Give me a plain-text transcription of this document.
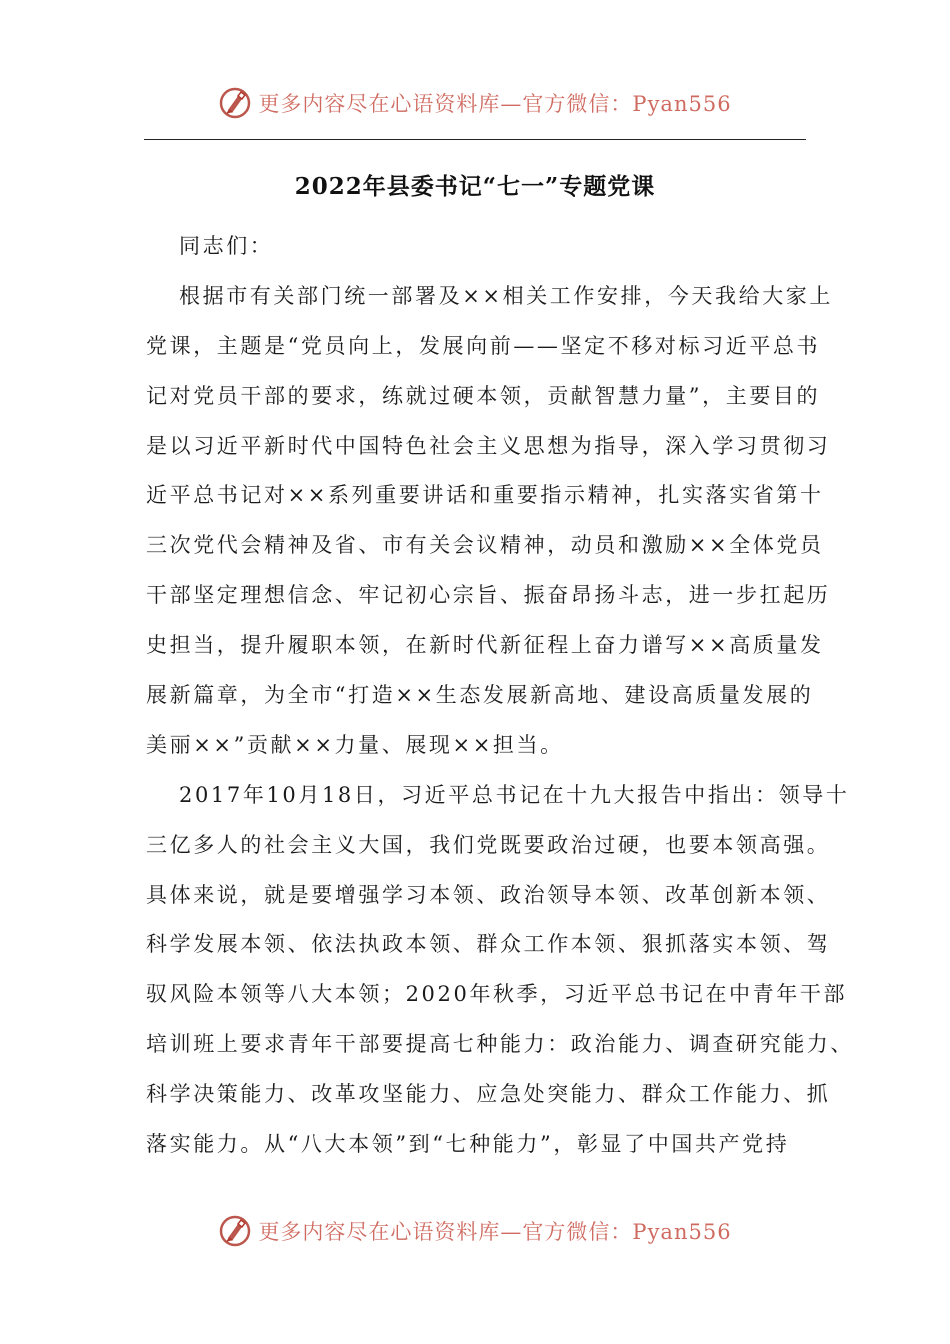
更多内容尽在心语资料库—官方微信：Pyan556
2022年县委书记“七一”专题党课
同志们：
根据市有关部门统一部署及××相关工作安排，今天我给大家上
党课，主题是“党员向上，发展向前——坚定不移对标习近平总书
记对党员干部的要求，练就过硬本领，贡献智慧力量”，主要目的
是以习近平新时代中国特色社会主义思想为指导，深入学习贯彻习
近平总书记对××系列重要讲话和重要指示精神，扎实落实省第十
三次党代会精神及省、市有关会议精神，动员和激励××全体党员
干部坚定理想信念、牢记初心宗旨、振奋昂扬斗志，进一步扛起历
史担当，提升履职本领，在新时代新征程上奋力谱写××高质量发
展新篇章，为全市“打造××生态发展新高地、建设高质量发展的
美丽××”贡献××力量、展现××担当。
2017年10月18日，习近平总书记在十九大报告中指出：领导十
三亿多人的社会主义大国，我们党既要政治过硬，也要本领高强。
具体来说，就是要增强学习本领、政治领导本领、改革创新本领、
科学发展本领、依法执政本领、群众工作本领、狠抓落实本领、驾
驭风险本领等八大本领；2020年秋季，习近平总书记在中青年干部
培训班上要求青年干部要提高七种能力：政治能力、调查研究能力、
科学决策能力、改革攻坚能力、应急处突能力、群众工作能力、抓
落实能力。从“八大本领”到“七种能力”，彰显了中国共产党持
更多内容尽在心语资料库—官方微信：Pyan556
